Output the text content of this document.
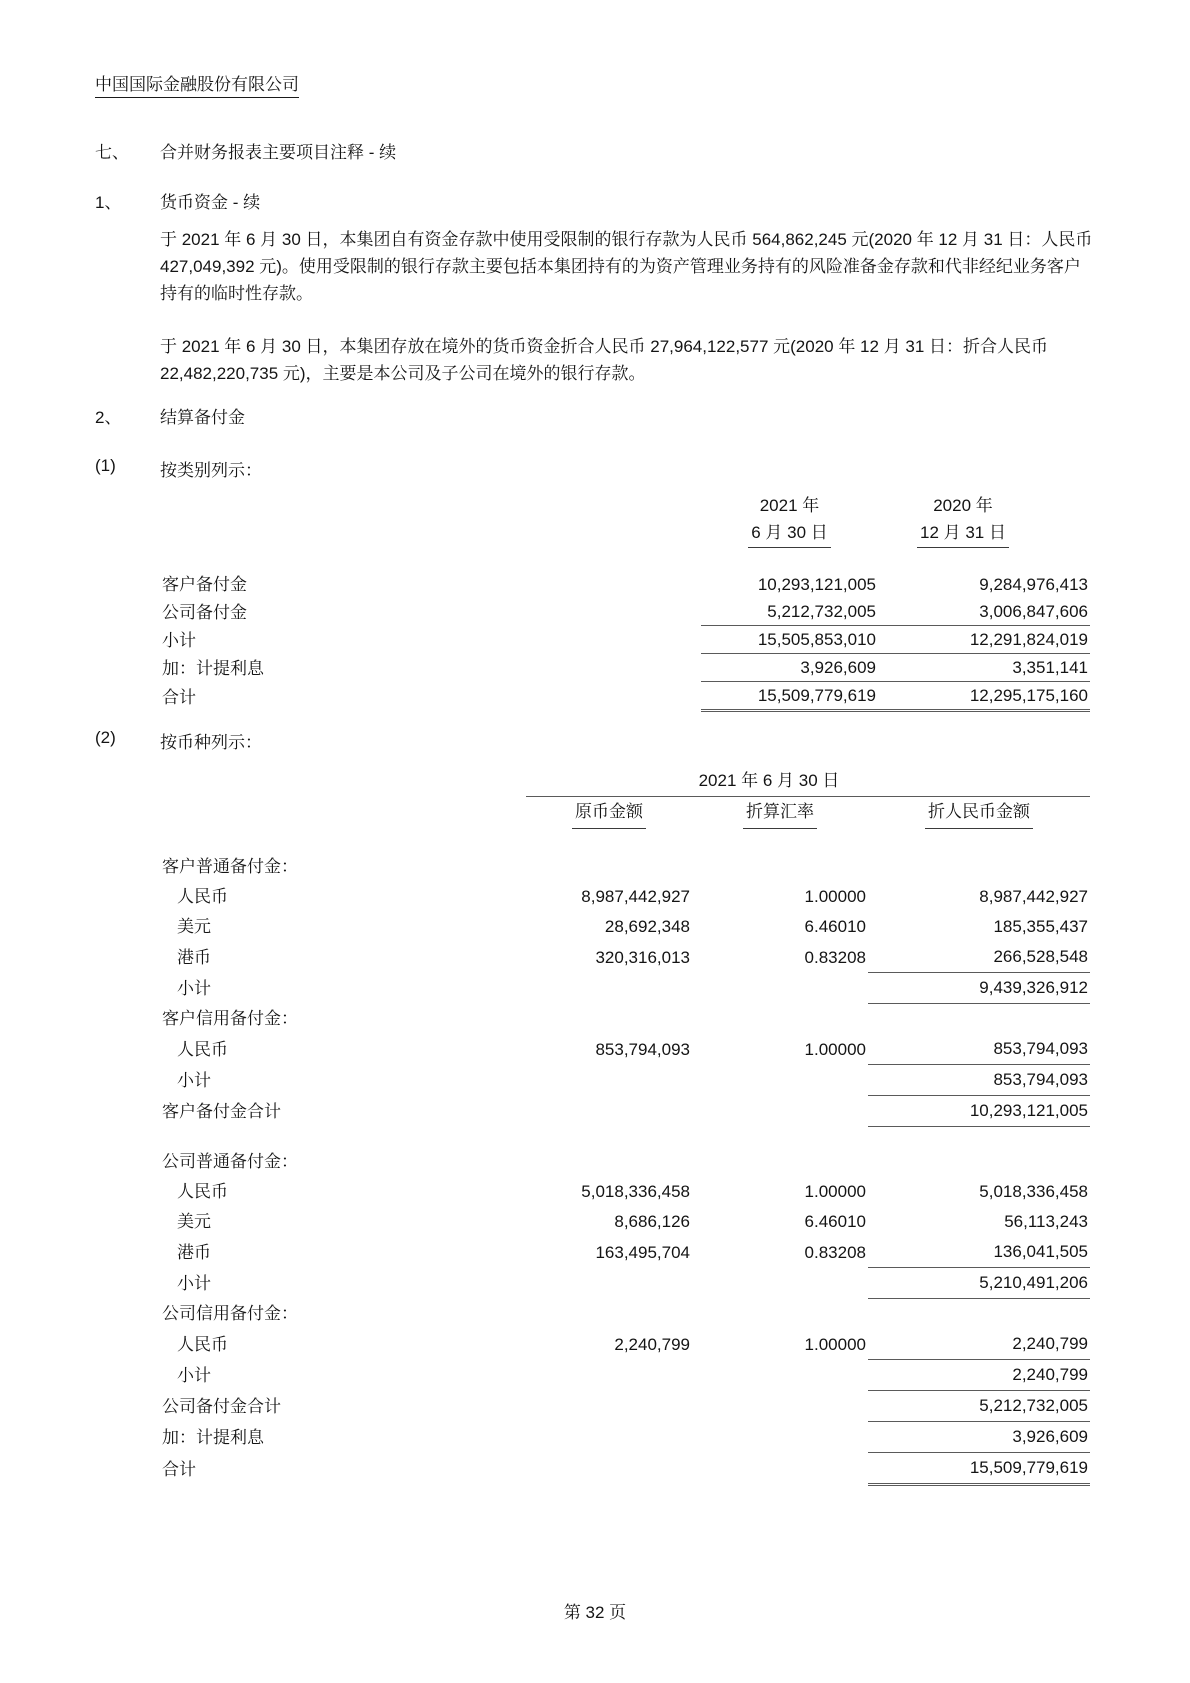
中国国际金融股份有限公司
七、	合并财务报表主要项目注释 - 续
1、	货币资金 - 续
于 2021 年 6 月 30 日，本集团自有资金存款中使用受限制的银行存款为人民币 564,862,245 元(2020 年 12 月 31 日：人民币 427,049,392 元)。使用受限制的银行存款主要包括本集团持有的为资产管理业务持有的风险准备金存款和代非经纪业务客户持有的临时性存款。
于 2021 年 6 月 30 日，本集团存放在境外的货币资金折合人民币 27,964,122,577 元(2020 年 12 月 31 日：折合人民币 22,482,220,735 元)，主要是本公司及子公司在境外的银行存款。
2、	结算备付金
(1)	按类别列示：
	2021 年	2020 年
	6 月 30 日	12 月 31 日

客户备付金	10,293,121,005	9,284,976,413
公司备付金	5,212,732,005	3,006,847,606
小计	15,505,853,010	12,291,824,019
加：计提利息	3,926,609	3,351,141
合计	15,509,779,619	12,295,175,160
(2)	按币种列示：
	2021 年 6 月 30 日		
	原币金额	折算汇率	折人民币金额

客户普通备付金：			
人民币	8,987,442,927	1.00000	8,987,442,927
美元	28,692,348	6.46010	185,355,437
港币	320,316,013	0.83208	266,528,548
小计			9,439,326,912
客户信用备付金：			
人民币	853,794,093	1.00000	853,794,093
小计			853,794,093
客户备付金合计			10,293,121,005

公司普通备付金：			
人民币	5,018,336,458	1.00000	5,018,336,458
美元	8,686,126	6.46010	56,113,243
港币	163,495,704	0.83208	136,041,505
小计			5,210,491,206
公司信用备付金：			
人民币	2,240,799	1.00000	2,240,799
小计			2,240,799
公司备付金合计			5,212,732,005
加：计提利息			3,926,609
合计			15,509,779,619
第 32 页
